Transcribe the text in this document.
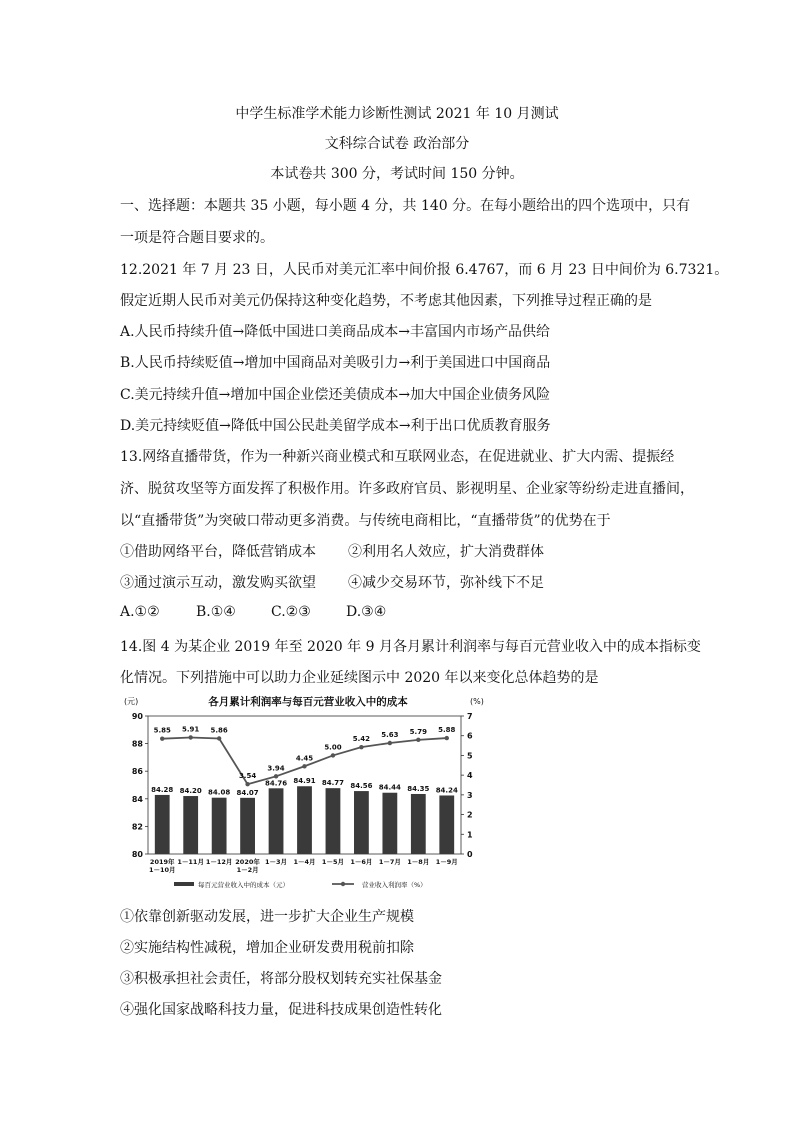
中学生标准学术能力诊断性测试 2021 年 10 月测试
文科综合试卷 政治部分
本试卷共 300 分，考试时间 150 分钟。
一、选择题：本题共 35 小题，每小题 4 分，共 140 分。在每小题给出的四个选项中，只有
一项是符合题目要求的。
12.2021 年 7 月 23 日，人民币对美元汇率中间价报 6.4767，而 6 月 23 日中间价为 6.7321。
假定近期人民币对美元仍保持这种变化趋势，不考虑其他因素，下列推导过程正确的是
A.人民币持续升值→降低中国进口美商品成本→丰富国内市场产品供给
B.人民币持续贬值→增加中国商品对美吸引力→利于美国进口中国商品
C.美元持续升值→增加中国企业偿还美债成本→加大中国企业债务风险
D.美元持续贬值→降低中国公民赴美留学成本→利于出口优质教育服务
13.网络直播带货，作为一种新兴商业模式和互联网业态，在促进就业、扩大内需、提振经
济、脱贫攻坚等方面发挥了积极作用。许多政府官员、影视明星、企业家等纷纷走进直播间，
以“直播带货”为突破口带动更多消费。与传统电商相比，“直播带货”的优势在于
①借助网络平台，降低营销成本 ②利用名人效应，扩大消费群体
③通过演示互动，激发购买欲望 ④减少交易环节，弥补线下不足
A.①②	B.①④	C.②③	D.③④
14.图 4 为某企业 2019 年至 2020 年 9 月各月累计利润率与每百元营业收入中的成本指标变
化情况。下列措施中可以助力企业延续图示中 2020 年以来变化总体趋势的是
各月累计利润率与每百元营业收入中的成本
(元)	(%)
80
82
84
86
88
90
0
1
2
3
4
5
6
7
84.28 84.20 84.08 84.07
84.76 84.91 84.77 84.56 84.44 84.35 84.24
5.85 5.91 5.86
3.54
3.94
4.45
5.00
5.42
5.63 5.79 5.88
2019年
1－10月
1－11月 1－12月 2020年
1－2月
1－3月 1－4月 1－5月 1－6月 1－7月 1－8月 1－9月
每百元营业收入中的成本（元）	营业收入利润率（%）
①依靠创新驱动发展，进一步扩大企业生产规模
②实施结构性减税，增加企业研发费用税前扣除
③积极承担社会责任，将部分股权划转充实社保基金
④强化国家战略科技力量，促进科技成果创造性转化
